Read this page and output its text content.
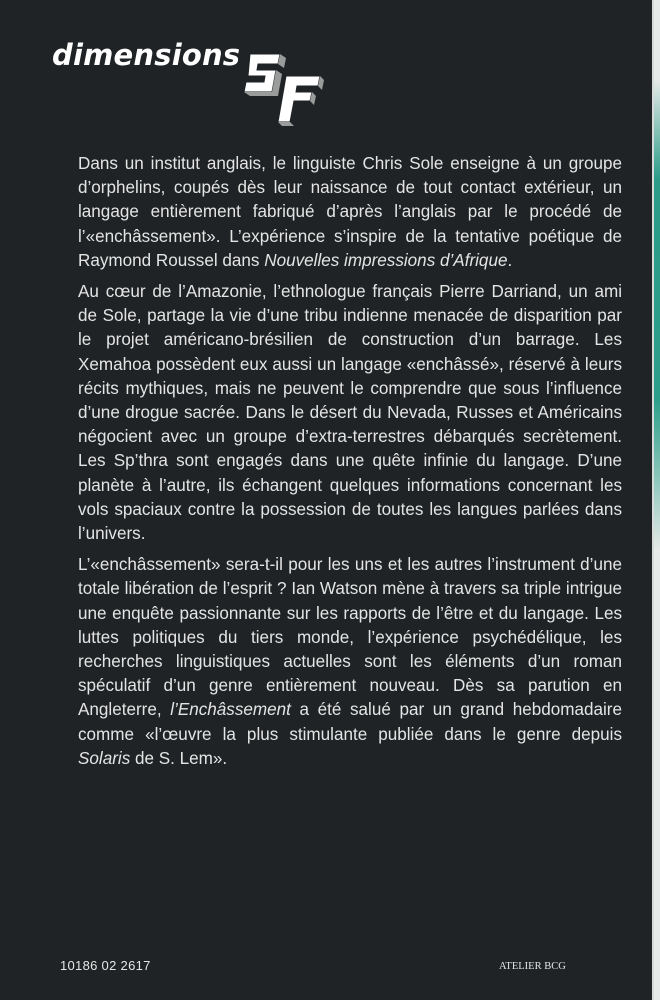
dimensions

Dans un institut anglais, le linguiste Chris Sole enseigne à un groupe d’orphelins, coupés dès leur naissance de tout contact extérieur, un langage entièrement fabriqué d’après l’anglais par le procédé de l’«enchâssement». L’expérience s’inspire de la tentative poétique de Raymond Roussel dans Nouvelles impressions d’Afrique.

Au cœur de l’Amazonie, l’ethnologue français Pierre Darriand, un ami de Sole, partage la vie d’une tribu indienne menacée de disparition par le projet américano-brésilien de construction d’un barrage. Les Xemahoa possèdent eux aussi un langage «enchâssé», réservé à leurs récits mythiques, mais ne peuvent le comprendre que sous l’influence d’une drogue sacrée. Dans le désert du Nevada, Russes et Américains négocient avec un groupe d’extra-terrestres débarqués secrètement. Les Sp’thra sont engagés dans une quête infinie du langage. D’une planète à l’autre, ils échangent quelques informations concernant les vols spaciaux contre la possession de toutes les langues parlées dans l’univers.

L’«enchâssement» sera-t-il pour les uns et les autres l’instrument d’une totale libération de l’esprit ? Ian Watson mène à travers sa triple intrigue une enquête passionnante sur les rapports de l’être et du langage. Les luttes politiques du tiers monde, l’expérience psychédélique, les recherches linguistiques actuelles sont les éléments d’un roman spéculatif d’un genre entièrement nouveau. Dès sa parution en Angleterre, l’Enchâssement a été salué par un grand hebdomadaire comme «l’œuvre la plus stimulante publiée dans le genre depuis Solaris de S. Lem».

10186 02 2617	ATELIER BCG
